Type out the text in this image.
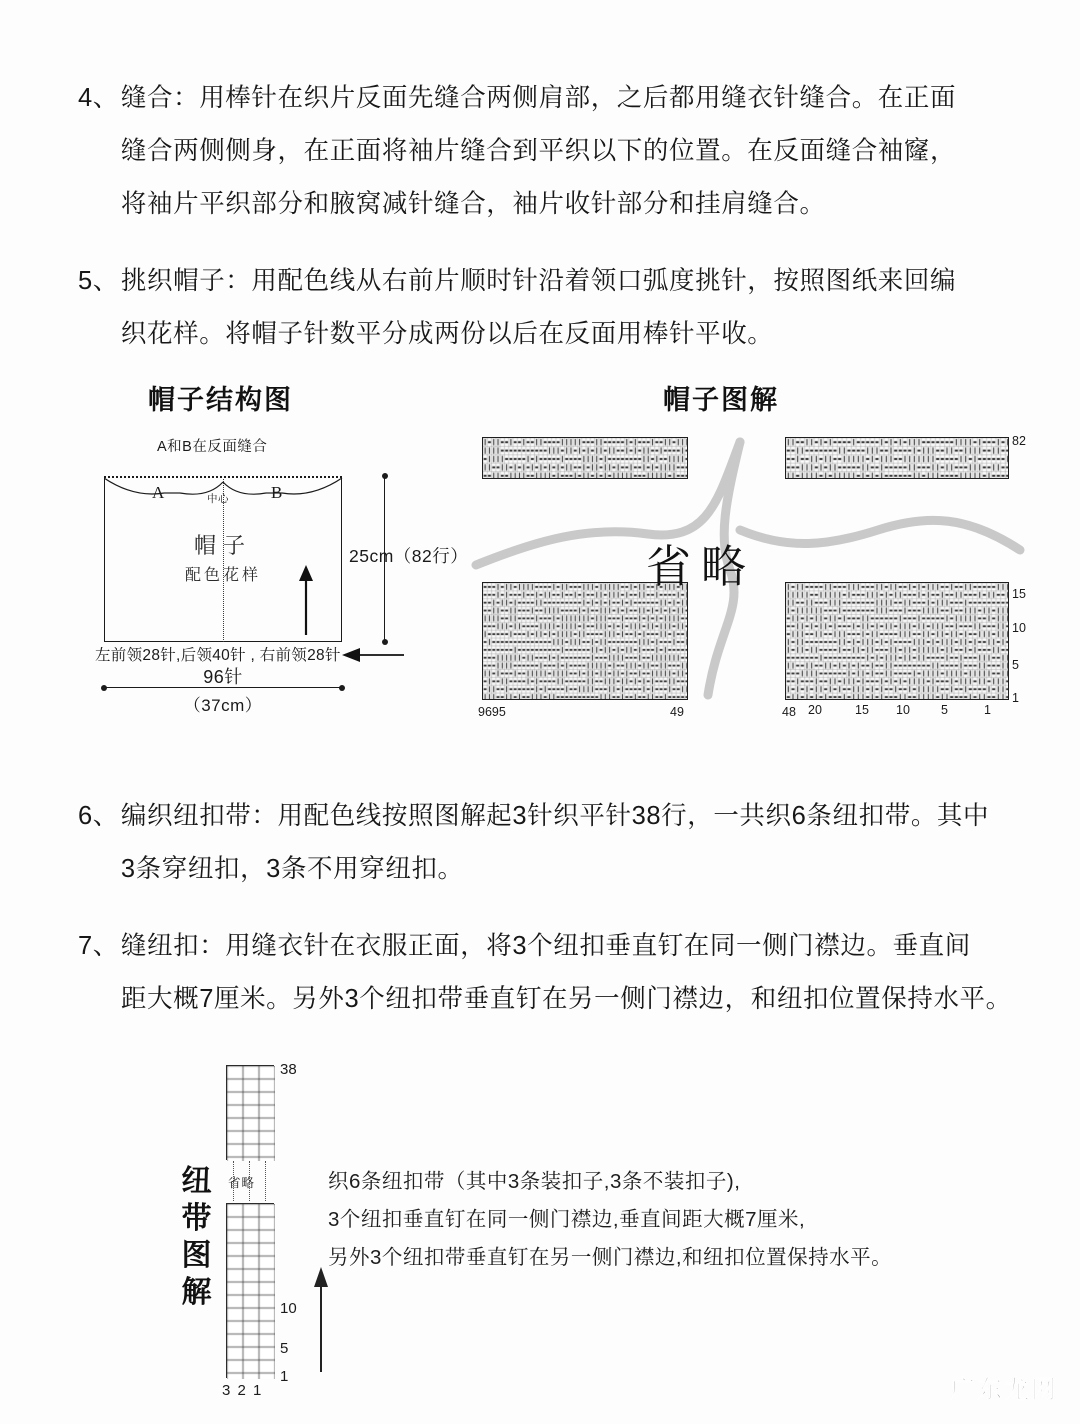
4、 缝合：用棒针在织片反面先缝合两侧肩部，之后都用缝衣针缝合。在正面
缝合两侧侧身，在正面将袖片缝合到平织以下的位置。在反面缝合袖窿，
将袖片平织部分和腋窝减针缝合，袖片收针部分和挂肩缝合。
5、 挑织帽子：用配色线从右前片顺时针沿着领口弧度挑针，按照图纸来回编
织花样。将帽子针数平分成两份以后在反面用棒针平收。
帽子结构图	帽子图解
A和B在反面缝合
A	B
中心
帽子
配色花样
25cm（82行）
左前领28针,后领40针 , 右前领28针
96针
（37cm）
省略
82
15
10
5
1
9695	49	48 20	15 10 5	1
6、 编织纽扣带：用配色线按照图解起3针织平针38行，一共织6条纽扣带。其中
3条穿纽扣，3条不用穿纽扣。
7、 缝纽扣：用缝衣针在衣服正面，将3个纽扣垂直钉在同一侧门襟边。垂直间
距大概7厘米。另外3个纽扣带垂直钉在另一侧门襟边，和纽扣位置保持水平。
纽带图解
38
省略
10
5
1
3 2 1
织6条纽扣带（其中3条装扣子,3条不装扣子),
3个纽扣垂直钉在同一侧门襟边,垂直间距大概7厘米,
另外3个纽扣带垂直钉在另一侧门襟边,和纽扣位置保持水平。
广东龙网
